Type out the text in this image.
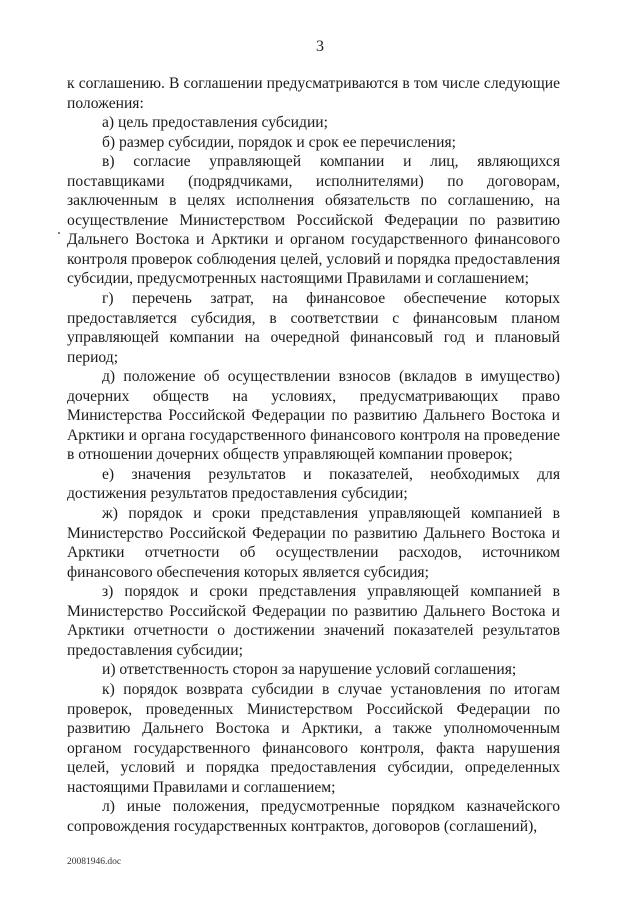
3

к соглашению. В соглашении предусматриваются в том числе следующие положения:

а) цель предоставления субсидии;

б) размер субсидии, порядок и срок ее перечисления;

в) согласие управляющей компании и лиц, являющихся поставщиками (подрядчиками, исполнителями) по договорам, заключенным в целях исполнения обязательств по соглашению, на осуществление Министерством Российской Федерации по развитию Дальнего Востока и Арктики и органом государственного финансового контроля проверок соблюдения целей, условий и порядка предоставления субсидии, предусмотренных настоящими Правилами и соглашением;

г) перечень затрат, на финансовое обеспечение которых предоставляется субсидия, в соответствии с финансовым планом управляющей компании на очередной финансовый год и плановый период;

д) положение об осуществлении взносов (вкладов в имущество) дочерних обществ на условиях, предусматривающих право Министерства Российской Федерации по развитию Дальнего Востока и Арктики и органа государственного финансового контроля на проведение в отношении дочерних обществ управляющей компании проверок;

е) значения результатов и показателей, необходимых для достижения результатов предоставления субсидии;

ж) порядок и сроки представления управляющей компанией в Министерство Российской Федерации по развитию Дальнего Востока и Арктики отчетности об осуществлении расходов, источником финансового обеспечения которых является субсидия;

з) порядок и сроки представления управляющей компанией в Министерство Российской Федерации по развитию Дальнего Востока и Арктики отчетности о достижении значений показателей результатов предоставления субсидии;

и) ответственность сторон за нарушение условий соглашения;

к) порядок возврата субсидии в случае установления по итогам проверок, проведенных Министерством Российской Федерации по развитию Дальнего Востока и Арктики, а также уполномоченным органом государственного финансового контроля, факта нарушения целей, условий и порядка предоставления субсидии, определенных настоящими Правилами и соглашением;

л) иные положения, предусмотренные порядком казначейского сопровождения государственных контрактов, договоров (соглашений),

20081946.doc
